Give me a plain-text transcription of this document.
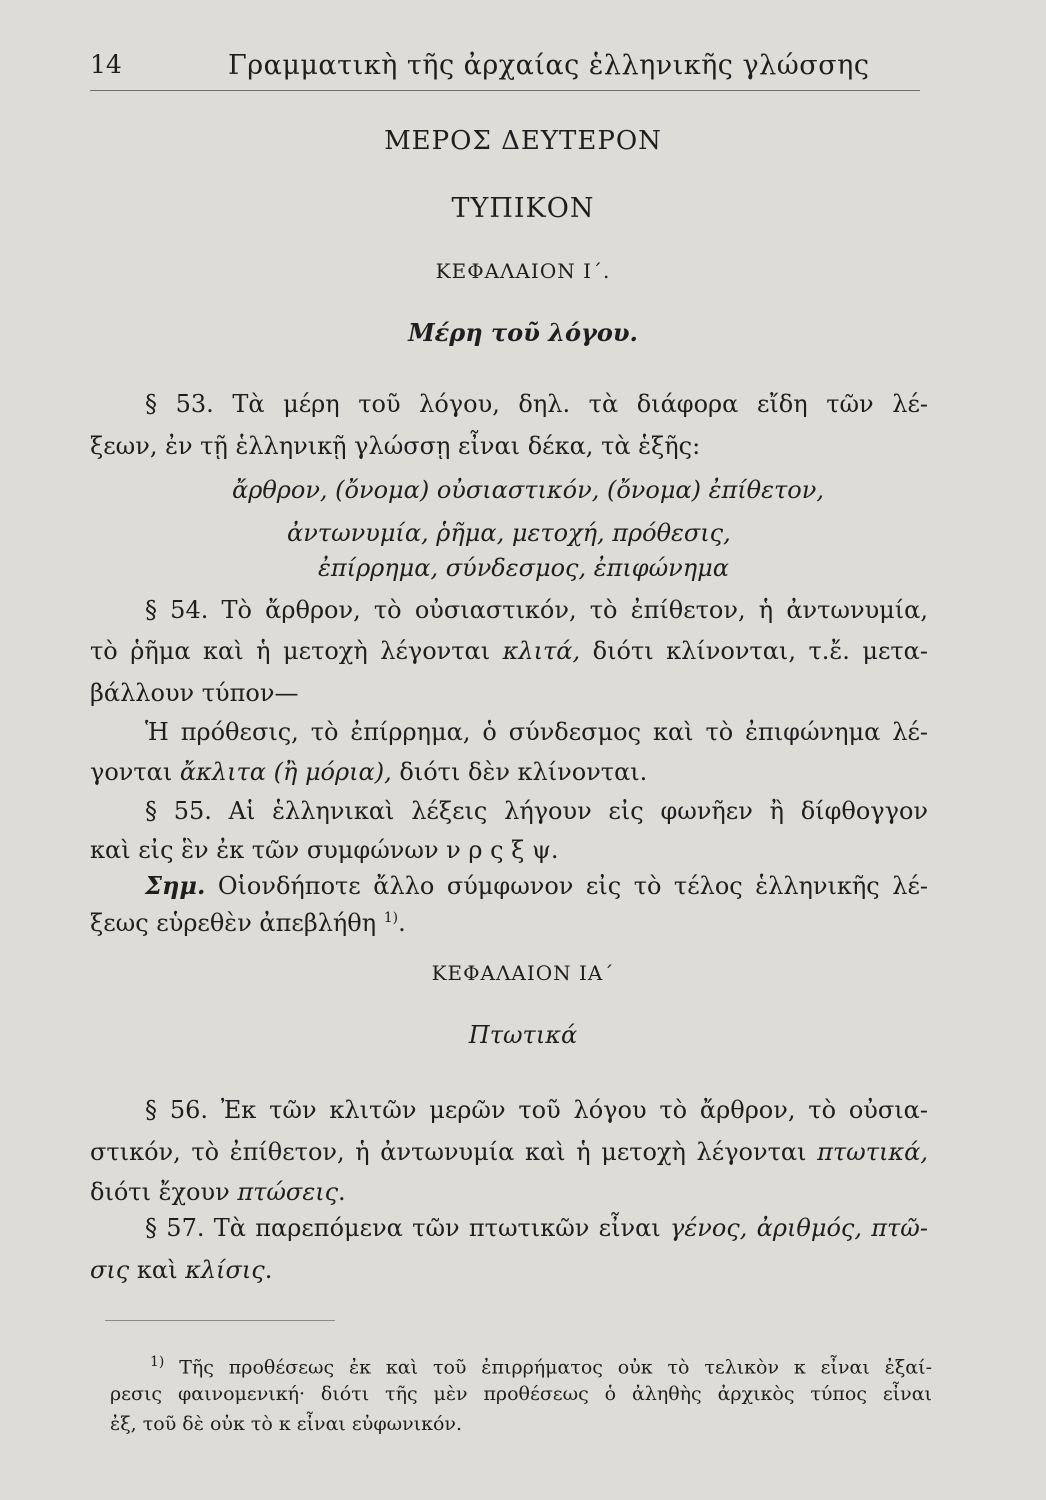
14	Γραμματικὴ τῆς ἀρχαίας ἑλληνικῆς γλώσσης
ΜΕΡΟΣ ΔΕΥΤΕΡΟΝ
ΤΥΠΙΚΟΝ
ΚΕΦΑΛΑΙΟΝ Ι΄.
Μέρη τοῦ λόγου.
§ 53. Τὰ μέρη τοῦ λόγου, δηλ. τὰ διάφορα εἴδη τῶν λέ-
ξεων, ἐν τῇ ἑλληνικῇ γλώσσῃ εἶναι δέκα, τὰ ἑξῆς:
ἄρθρον, (ὄνομα) οὐσιαστικόν, (ὄνομα) ἐπίθετον,
ἀντωνυμία, ῥῆμα, μετοχή, πρόθεσις,
ἐπίρρημα, σύνδεσμος, ἐπιφώνημα
§ 54. Τὸ ἄρθρον, τὸ οὐσιαστικόν, τὸ ἐπίθετον, ἡ ἀντωνυμία,
τὸ ῥῆμα καὶ ἡ μετοχὴ λέγονται κλιτά, διότι κλίνονται, τ.ἔ. μετα-
βάλλουν τύπον—
Ἡ πρόθεσις, τὸ ἐπίρρημα, ὁ σύνδεσμος καὶ τὸ ἐπιφώνημα λέ-
γονται ἄκλιτα (ἢ μόρια), διότι δὲν κλίνονται.
§ 55. Αἱ ἑλληνικαὶ λέξεις λήγουν εἰς φωνῆεν ἢ δίφθογγον
καὶ εἰς ἓν ἐκ τῶν συμφώνων ν ρ ς ξ ψ.
Σημ. Οἱονδήποτε ἄλλο σύμφωνον εἰς τὸ τέλος ἑλληνικῆς λέ-
ξεως εὑρεθὲν ἀπεβλήθη $^{1)}$.
ΚΕΦΑΛΑΙΟΝ ΙΑ΄
Πτωτικά
§ 56. Ἐκ τῶν κλιτῶν μερῶν τοῦ λόγου τὸ ἄρθρον, τὸ οὐσια-
στικόν, τὸ ἐπίθετον, ἡ ἀντωνυμία καὶ ἡ μετοχὴ λέγονται πτωτικά,
διότι ἔχουν πτώσεις.
§ 57. Τὰ παρεπόμενα τῶν πτωτικῶν εἶναι γένος, ἀριθμός, πτῶ-
σις καὶ κλίσις.
$^{1)}$ Τῆς προθέσεως ἐκ καὶ τοῦ ἐπιρρήματος οὐκ τὸ τελικὸν κ εἶναι ἐξαί-
ρεσις φαινομενική· διότι τῆς μὲν προθέσεως ὁ ἀληθὴς ἀρχικὸς τύπος εἶναι
ἐξ, τοῦ δὲ οὐκ τὸ κ εἶναι εὐφωνικόν.
